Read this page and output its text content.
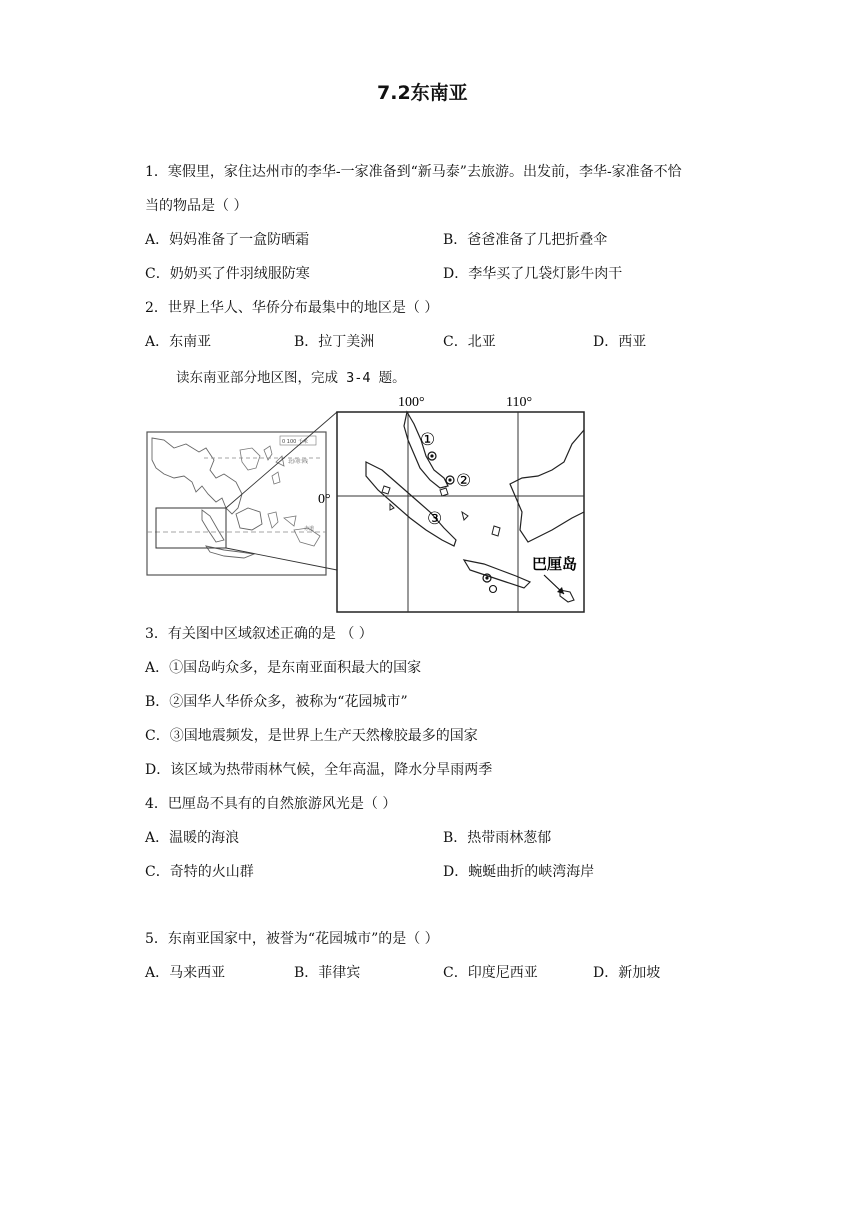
7.2东南亚
1．寒假里，家住达州市的李华-一家准备到“新马泰”去旅游。出发前，李华-家准备不恰
当的物品是（ ）
A．妈妈准备了一盒防晒霜	B．爸爸准备了几把折叠伞
C．奶奶买了件羽绒服防寒	D．李华买了几袋灯影牛肉干
2．世界上华人、华侨分布最集中的地区是（ ）
A．东南亚	B．拉丁美洲	C．北亚	D．西亚
读东南亚部分地区图，完成 3-4 题。
0 100 千米
北回归线
赤道
100°	110°
0°
①
②
③
巴厘岛
3．有关图中区域叙述正确的是 （ ）
A．①国岛屿众多，是东南亚面积最大的国家
B．②国华人华侨众多，被称为“花园城市”
C．③国地震频发，是世界上生产天然橡胶最多的国家
D．该区域为热带雨林气候，全年高温，降水分旱雨两季
4．巴厘岛不具有的自然旅游风光是（ ）
A．温暖的海浪	B．热带雨林葱郁
C．奇特的火山群	D．蜿蜒曲折的峡湾海岸
5．东南亚国家中，被誉为“花园城市”的是（ ）
A．马来西亚	B．菲律宾	C．印度尼西亚	D．新加坡
